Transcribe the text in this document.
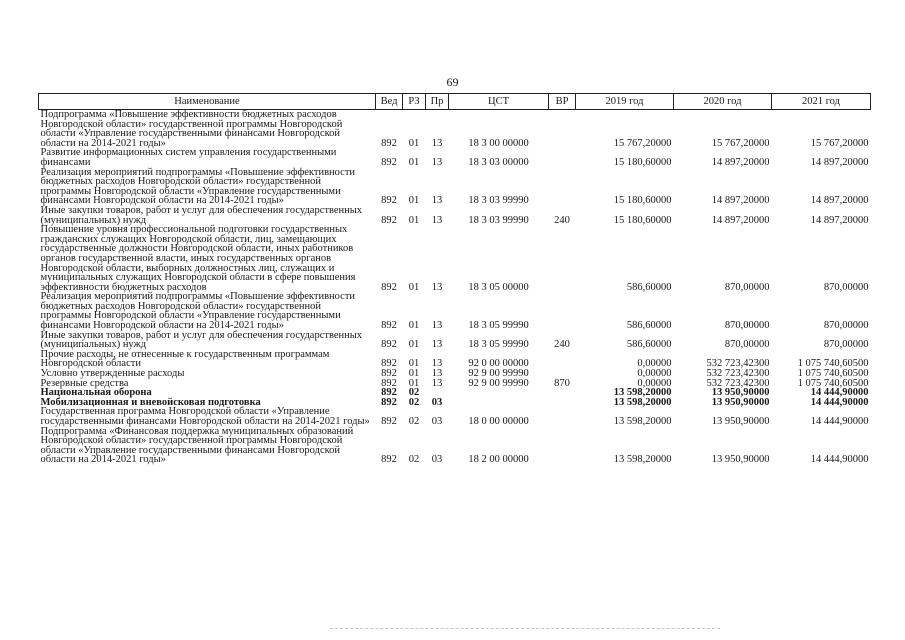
69
Наименование	Вед	РЗ	Пр	ЦСТ	ВР	2019 год	2020 год	2021 год
Подпрограмма «Повышение эффективности бюджетных расходов Новгородской области» государственной программы Новгородской области «Управление государственными финансами Новгородской области на 2014-2021 годы»	892	01	13	18 3 00 00000		15 767,20000	15 767,20000	15 767,20000
Развитие информационных систем управления государственными финансами	892	01	13	18 3 03 00000		15 180,60000	14 897,20000	14 897,20000
Реализация мероприятий подпрограммы «Повышение эффективности бюджетных расходов Новгородской области» государственной программы Новгородской области «Управление государственными финансами Новгородской области на 2014-2021 годы»	892	01	13	18 3 03 99990		15 180,60000	14 897,20000	14 897,20000
Иные закупки товаров, работ и услуг для обеспечения государственных (муниципальных) нужд	892	01	13	18 3 03 99990	240	15 180,60000	14 897,20000	14 897,20000
Повышение уровня профессиональной подготовки государственных гражданских служащих Новгородской области, лиц, замещающих государственные должности Новгородской области, иных работников органов государственной власти, иных государственных органов Новгородской области, выборных должностных лиц, служащих и муниципальных служащих Новгородской области в сфере повышения эффективности бюджетных расходов	892	01	13	18 3 05 00000		586,60000	870,00000	870,00000
Реализация мероприятий подпрограммы «Повышение эффективности бюджетных расходов Новгородской области» государственной программы Новгородской области «Управление государственными финансами Новгородской области на 2014-2021 годы»	892	01	13	18 3 05 99990		586,60000	870,00000	870,00000
Иные закупки товаров, работ и услуг для обеспечения государственных (муниципальных) нужд	892	01	13	18 3 05 99990	240	586,60000	870,00000	870,00000
Прочие расходы, не отнесенные к государственным программам Новгородской области	892	01	13	92 0 00 00000		0,00000	532 723,42300	1 075 740,60500
Условно утвержденные расходы	892	01	13	92 9 00 99990		0,00000	532 723,42300	1 075 740,60500
Резервные средства	892	01	13	92 9 00 99990	870	0,00000	532 723,42300	1 075 740,60500
Национальная оборона	892	02				13 598,20000	13 950,90000	14 444,90000
Мобилизационная и вневойсковая подготовка	892	02	03			13 598,20000	13 950,90000	14 444,90000
Государственная программа Новгородской области «Управление государственными финансами Новгородской области на 2014-2021 годы»	892	02	03	18 0 00 00000		13 598,20000	13 950,90000	14 444,90000
Подпрограмма «Финансовая поддержка муниципальных образований Новгородской области» государственной программы Новгородской области «Управление государственными финансами Новгородской области на 2014-2021 годы»	892	02	03	18 2 00 00000		13 598,20000	13 950,90000	14 444,90000
